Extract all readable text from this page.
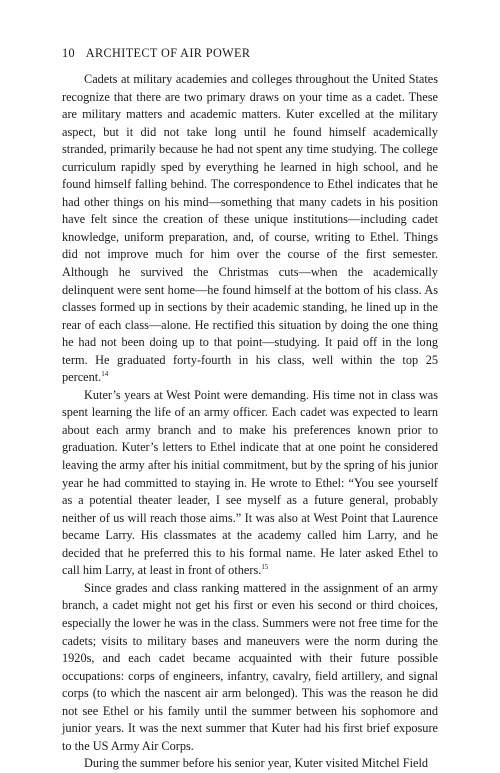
10 ARCHITECT OF AIR POWER

Cadets at military academies and colleges throughout the United States recognize that there are two primary draws on your time as a cadet. These are military matters and academic matters. Kuter excelled at the military aspect, but it did not take long until he found himself academically stranded, primarily because he had not spent any time studying. The college curriculum rapidly sped by everything he learned in high school, and he found himself falling behind. The correspondence to Ethel indicates that he had other things on his mind—something that many cadets in his position have felt since the creation of these unique institutions—including cadet knowledge, uniform preparation, and, of course, writing to Ethel. Things did not improve much for him over the course of the first semester. Although he survived the Christmas cuts—when the academically delinquent were sent home—he found himself at the bottom of his class. As classes formed up in sections by their academic standing, he lined up in the rear of each class—alone. He rectified this situation by doing the one thing he had not been doing up to that point—studying. It paid off in the long term. He graduated forty-fourth in his class, well within the top 25 percent.$^{14}$

Kuter’s years at West Point were demanding. His time not in class was spent learning the life of an army officer. Each cadet was expected to learn about each army branch and to make his preferences known prior to graduation. Kuter’s letters to Ethel indicate that at one point he considered leaving the army after his initial commitment, but by the spring of his junior year he had committed to staying in. He wrote to Ethel: “You see yourself as a potential theater leader, I see myself as a future general, probably neither of us will reach those aims.” It was also at West Point that Laurence became Larry. His classmates at the academy called him Larry, and he decided that he preferred this to his formal name. He later asked Ethel to call him Larry, at least in front of others.$^{15}$

Since grades and class ranking mattered in the assignment of an army branch, a cadet might not get his first or even his second or third choices, especially the lower he was in the class. Summers were not free time for the cadets; visits to military bases and maneuvers were the norm during the 1920s, and each cadet became acquainted with their future possible occupations: corps of engineers, infantry, cavalry, field artillery, and signal corps (to which the nascent air arm belonged). This was the reason he did not see Ethel or his family until the summer between his sophomore and junior years. It was the next summer that Kuter had his first brief exposure to the US Army Air Corps.

During the summer before his senior year, Kuter visited Mitchel Field
